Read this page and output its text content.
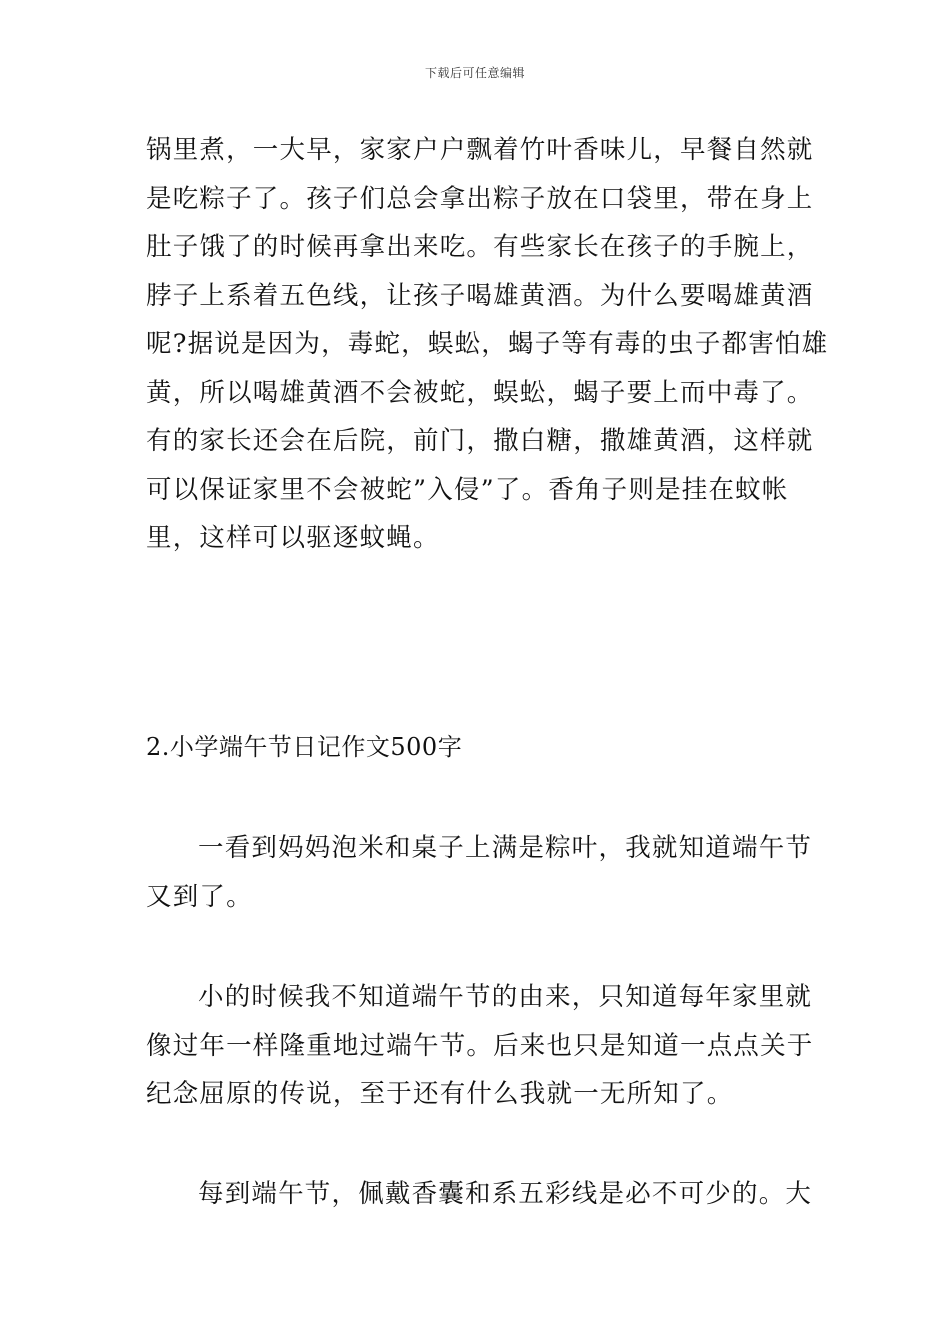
下载后可任意编辑
锅里煮，一大早，家家户户飘着竹叶香味儿，早餐自然就
是吃粽子了。孩子们总会拿出粽子放在口袋里，带在身上
肚子饿了的时候再拿出来吃。有些家长在孩子的手腕上，
脖子上系着五色线，让孩子喝雄黄酒。为什么要喝雄黄酒
呢?据说是因为，毒蛇，蜈蚣，蝎子等有毒的虫子都害怕雄
黄，所以喝雄黄酒不会被蛇，蜈蚣，蝎子要上而中毒了。
有的家长还会在后院，前门，撒白糖，撒雄黄酒，这样就
可以保证家里不会被蛇”入侵”了。香角子则是挂在蚊帐
里，这样可以驱逐蚊蝇。
2.小学端午节日记作文500字
一看到妈妈泡米和桌子上满是粽叶，我就知道端午节
又到了。
小的时候我不知道端午节的由来，只知道每年家里就
像过年一样隆重地过端午节。后来也只是知道一点点关于
纪念屈原的传说，至于还有什么我就一无所知了。
每到端午节，佩戴香囊和系五彩线是必不可少的。大
